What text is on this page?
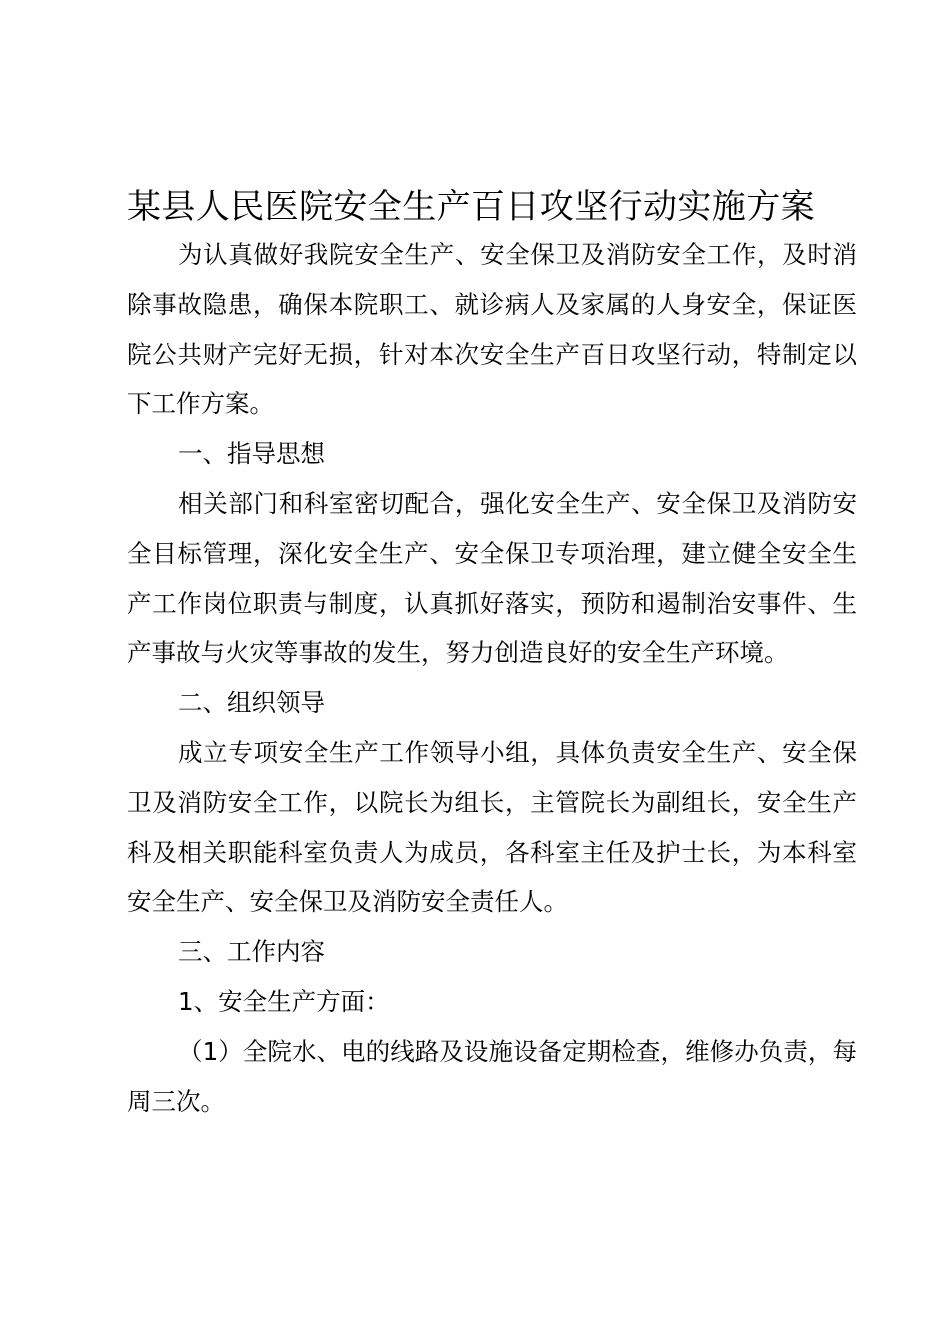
某县人民医院安全生产百日攻坚行动实施方案

为认真做好我院安全生产、安全保卫及消防安全工作，及时消除事故隐患，确保本院职工、就诊病人及家属的人身安全，保证医院公共财产完好无损，针对本次安全生产百日攻坚行动，特制定以下工作方案。

一、指导思想

相关部门和科室密切配合，强化安全生产、安全保卫及消防安全目标管理，深化安全生产、安全保卫专项治理，建立健全安全生产工作岗位职责与制度，认真抓好落实，预防和遏制治安事件、生产事故与火灾等事故的发生，努力创造良好的安全生产环境。

二、组织领导

成立专项安全生产工作领导小组，具体负责安全生产、安全保卫及消防安全工作，以院长为组长，主管院长为副组长，安全生产科及相关职能科室负责人为成员，各科室主任及护士长，为本科室安全生产、安全保卫及消防安全责任人。

三、工作内容

1、安全生产方面：

（1）全院水、电的线路及设施设备定期检查，维修办负责，每周三次。
